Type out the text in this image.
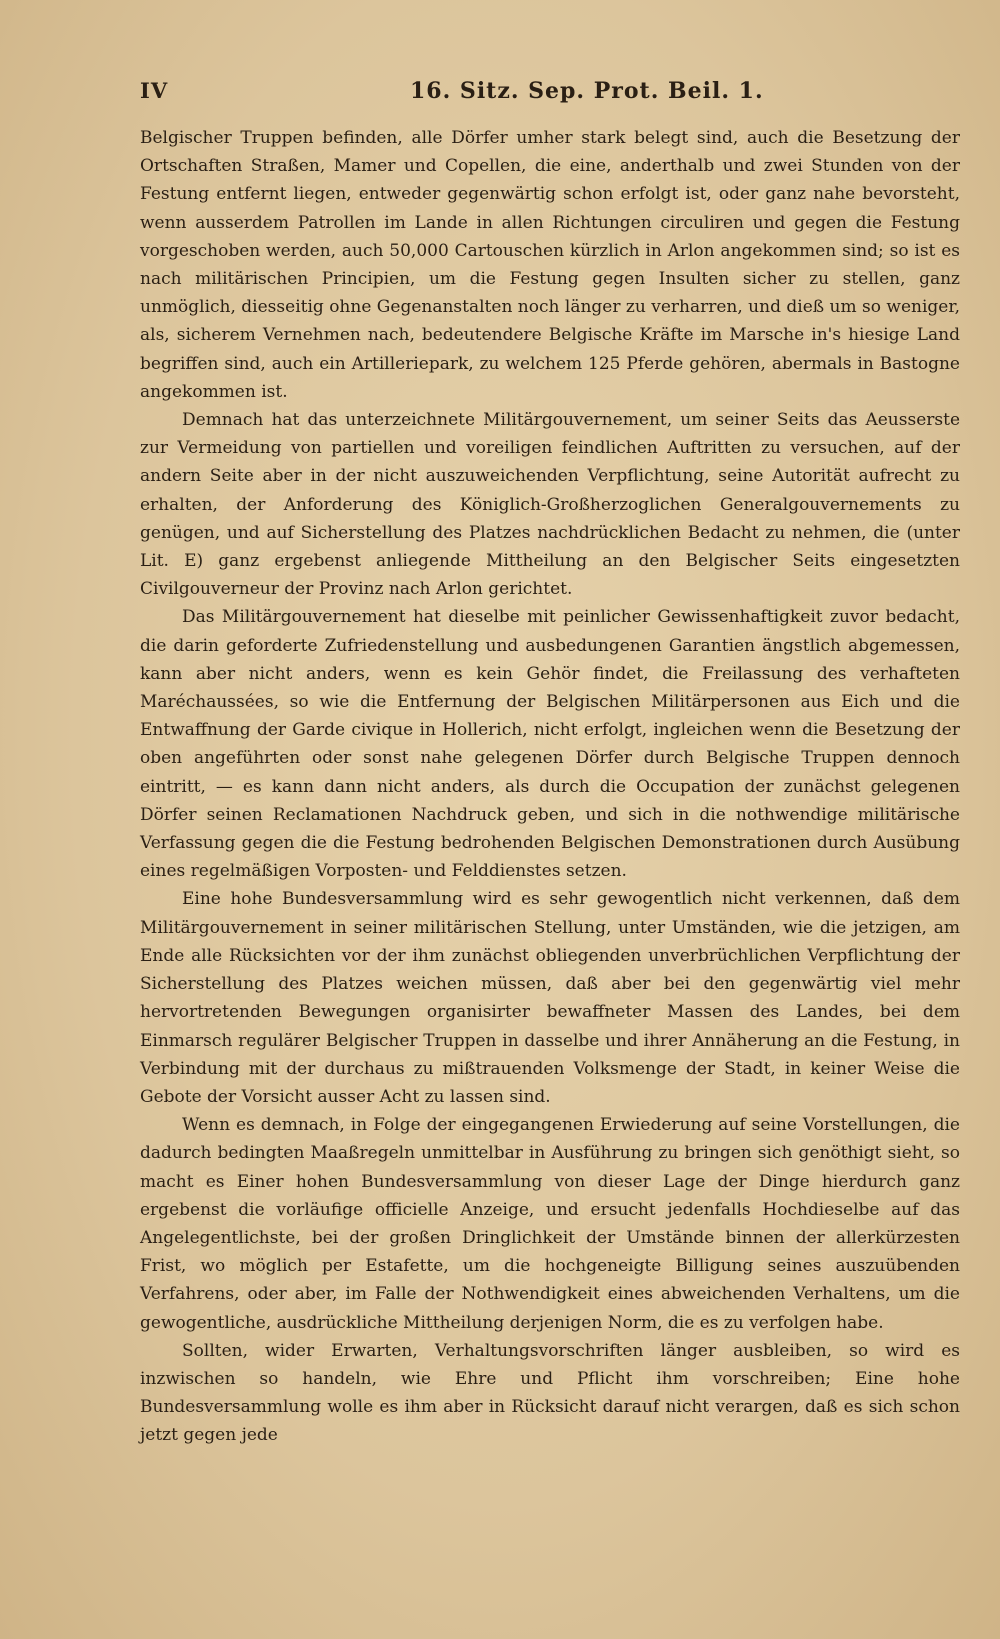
IV	16. Sitz. Sep. Prot. Beil. 1.

Belgischer Truppen befinden, alle Dörfer umher stark belegt sind, auch die Besetzung der Ortschaften Straßen, Mamer und Copellen, die eine, anderthalb und zwei Stunden von der Festung entfernt liegen, entweder gegenwärtig schon erfolgt ist, oder ganz nahe bevorsteht, wenn ausserdem Patrollen im Lande in allen Richtungen circuliren und gegen die Festung vorgeschoben werden, auch 50,000 Cartouschen kürzlich in Arlon angekommen sind; so ist es nach militärischen Principien, um die Festung gegen Insulten sicher zu stellen, ganz unmöglich, diesseitig ohne Gegenanstalten noch länger zu verharren, und dieß um so weniger, als, sicherem Vernehmen nach, bedeutendere Belgische Kräfte im Marsche in's hiesige Land begriffen sind, auch ein Artilleriepark, zu welchem 125 Pferde gehören, abermals in Bastogne angekommen ist.

Demnach hat das unterzeichnete Militärgouvernement, um seiner Seits das Aeusserste zur Vermeidung von partiellen und voreiligen feindlichen Auftritten zu versuchen, auf der andern Seite aber in der nicht auszuweichenden Verpflichtung, seine Autorität aufrecht zu erhalten, der Anforderung des Königlich-Großherzoglichen Generalgouvernements zu genügen, und auf Sicherstellung des Platzes nachdrücklichen Bedacht zu nehmen, die (unter Lit. E) ganz ergebenst anliegende Mittheilung an den Belgischer Seits eingesetzten Civilgouverneur der Provinz nach Arlon gerichtet.

Das Militärgouvernement hat dieselbe mit peinlicher Gewissenhaftigkeit zuvor bedacht, die darin geforderte Zufriedenstellung und ausbedungenen Garantien ängstlich abgemessen, kann aber nicht anders, wenn es kein Gehör findet, die Freilassung des verhafteten Maréchaussées, so wie die Entfernung der Belgischen Militärpersonen aus Eich und die Entwaffnung der Garde civique in Hollerich, nicht erfolgt, ingleichen wenn die Besetzung der oben angeführten oder sonst nahe gelegenen Dörfer durch Belgische Truppen dennoch eintritt, — es kann dann nicht anders, als durch die Occupation der zunächst gelegenen Dörfer seinen Reclamationen Nachdruck geben, und sich in die nothwendige militärische Verfassung gegen die die Festung bedrohenden Belgischen Demonstrationen durch Ausübung eines regelmäßigen Vorposten- und Felddienstes setzen.

Eine hohe Bundesversammlung wird es sehr gewogentlich nicht verkennen, daß dem Militärgouvernement in seiner militärischen Stellung, unter Umständen, wie die jetzigen, am Ende alle Rücksichten vor der ihm zunächst obliegenden unverbrüchlichen Verpflichtung der Sicherstellung des Platzes weichen müssen, daß aber bei den gegenwärtig viel mehr hervortretenden Bewegungen organisirter bewaffneter Massen des Landes, bei dem Einmarsch regulärer Belgischer Truppen in dasselbe und ihrer Annäherung an die Festung, in Verbindung mit der durchaus zu mißtrauenden Volksmenge der Stadt, in keiner Weise die Gebote der Vorsicht ausser Acht zu lassen sind.

Wenn es demnach, in Folge der eingegangenen Erwiederung auf seine Vorstellungen, die dadurch bedingten Maaßregeln unmittelbar in Ausführung zu bringen sich genöthigt sieht, so macht es Einer hohen Bundesversammlung von dieser Lage der Dinge hierdurch ganz ergebenst die vorläufige officielle Anzeige, und ersucht jedenfalls Hochdieselbe auf das Angelegentlichste, bei der großen Dringlichkeit der Umstände binnen der allerkürzesten Frist, wo möglich per Estafette, um die hochgeneigte Billigung seines auszuübenden Verfahrens, oder aber, im Falle der Nothwendigkeit eines abweichenden Verhaltens, um die gewogentliche, ausdrückliche Mittheilung derjenigen Norm, die es zu verfolgen habe.

Sollten, wider Erwarten, Verhaltungsvorschriften länger ausbleiben, so wird es inzwischen so handeln, wie Ehre und Pflicht ihm vorschreiben; Eine hohe Bundesversammlung wolle es ihm aber in Rücksicht darauf nicht verargen, daß es sich schon jetzt gegen jede
